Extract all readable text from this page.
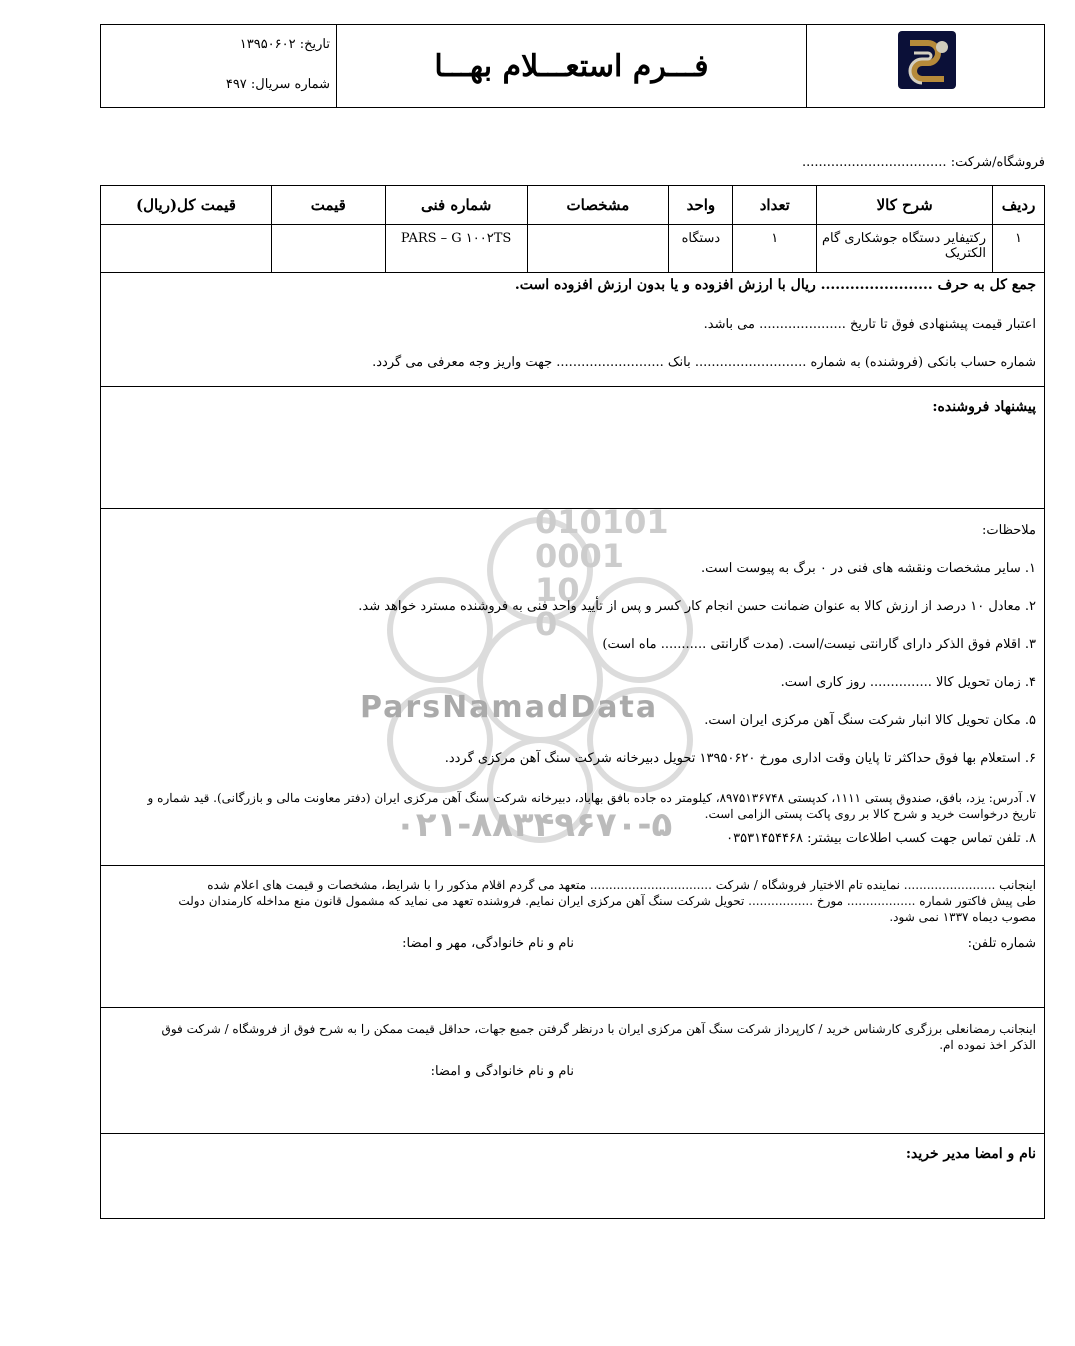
فـــرم استعـــلام بهـــا
تاریخ: ۱۳۹۵۰۶۰۲
شماره سریال: ۴۹۷
فروشگاه/شرکت: ...................................
ردیف	شرح کالا	تعداد	واحد	مشخصات	شماره فنی	قیمت	قیمت کل(ریال)
۱	رکتیفایر دستگاه جوشکاری گام الکتریک	۱	دستگاه		PARS – G ۱۰۰۲TS		
جمع کل به حرف ....................... ریال با ارزش افزوده و یا بدون ارزش افزوده است.
اعتبار قیمت پیشنهادی فوق تا تاریخ ..................... می باشد.
شماره حساب بانکی (فروشنده) به شماره ........................... بانک .......................... جهت واریز وجه معرفی می گردد.
پیشنهاد فروشنده:
010101
0001
10
0
ParsNamadData
۰۲۱-۸۸۳۴۹۶۷۰-۵
ملاحظات:
۱. سایر مشخصات ونقشه های فنی در ۰ برگ به پیوست است.
۲. معادل ۱۰ درصد از ارزش کالا به عنوان ضمانت حسن انجام کار کسر و پس از تأیید واحد فنی به فروشنده مسترد خواهد شد.
۳. اقلام فوق الذکر دارای گارانتی نیست/است. (مدت گارانتی ........... ماه است)
۴. زمان تحویل کالا ............... روز کاری است.
۵. مکان تحویل کالا انبار شرکت سنگ آهن مرکزی ایران است.
۶. استعلام بها فوق حداکثر تا پایان وقت اداری مورخ ۱۳۹۵۰۶۲۰ تحویل دبیرخانه شرکت سنگ آهن مرکزی گردد.
۷. آدرس: یزد، بافق، صندوق پستی ۱۱۱۱، کدپستی ۸۹۷۵۱۳۶۷۴۸، کیلومتر ده جاده بافق بهاباد، دبیرخانه شرکت سنگ آهن مرکزی ایران (دفتر معاونت مالی و بازرگانی). قید شماره و
تاریخ درخواست خرید و شرح کالا بر روی پاکت پستی الزامی است.
۸. تلفن تماس جهت کسب اطلاعات بیشتر: ۰۳۵۳۱۴۵۴۴۶۸
اینجانب ........................ نماینده تام الاختیار فروشگاه / شرکت ................................ متعهد می گردم اقلام مذکور را با شرایط، مشخصات و قیمت های اعلام شده
طی پیش فاکتور شماره .................. مورخ ................. تحویل شرکت سنگ آهن مرکزی ایران نمایم. فروشنده تعهد می نماید که مشمول قانون منع مداخله کارمندان دولت
مصوب دیماه ۱۳۳۷ نمی شود.
شماره تلفن:
نام و نام خانوادگی، مهر و امضا:
اینجانب رمضانعلی برزگری کارشناس خرید / کارپرداز شرکت سنگ آهن مرکزی ایران با درنظر گرفتن جمیع جهات، حداقل قیمت ممکن را به شرح فوق از فروشگاه / شرکت فوق
الذکر اخذ نموده ام.
نام و نام خانوادگی و امضا:
نام و امضا مدیر خرید:
